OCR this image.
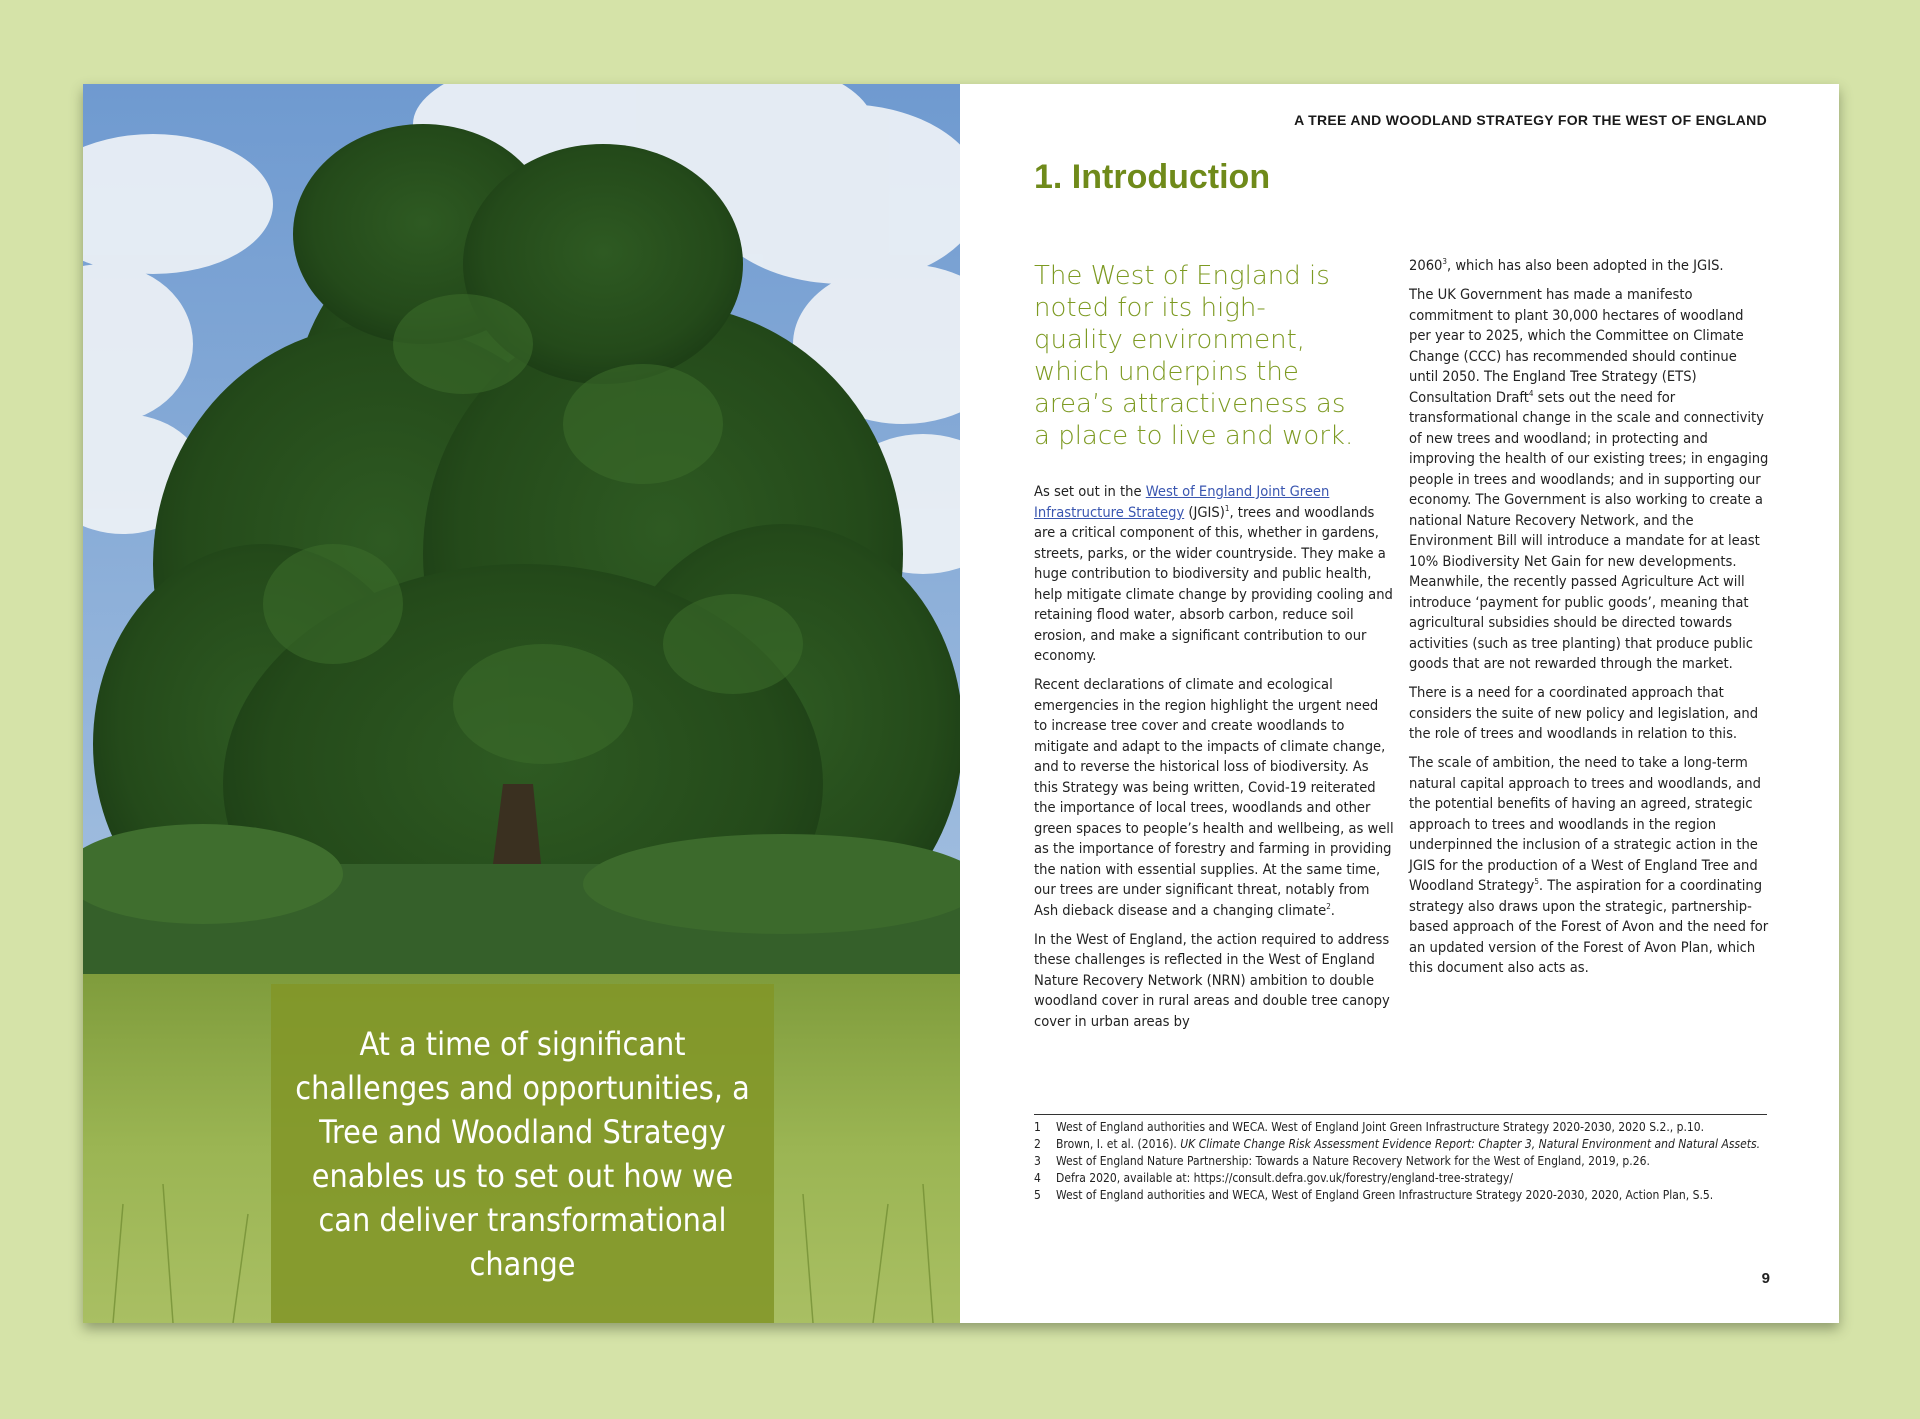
At a time of significant challenges and opportunities, a Tree and Woodland Strategy enables us to set out how we can deliver transformational change
A TREE AND WOODLAND STRATEGY FOR THE WEST OF ENGLAND
1. Introduction

The West of England is noted for its high-quality environment, which underpins the area’s attractiveness as a place to live and work.

As set out in the West of England Joint Green Infrastructure Strategy (JGIS)$^1$, trees and woodlands are a critical component of this, whether in gardens, streets, parks, or the wider countryside. They make a huge contribution to biodiversity and public health, help mitigate climate change by providing cooling and retaining flood water, absorb carbon, reduce soil erosion, and make a significant contribution to our economy.

Recent declarations of climate and ecological emergencies in the region highlight the urgent need to increase tree cover and create woodlands to mitigate and adapt to the impacts of climate change, and to reverse the historical loss of biodiversity. As this Strategy was being written, Covid-19 reiterated the importance of local trees, woodlands and other green spaces to people’s health and wellbeing, as well as the importance of forestry and farming in providing the nation with essential supplies. At the same time, our trees are under significant threat, notably from Ash dieback disease and a changing climate$^2$.

In the West of England, the action required to address these challenges is reflected in the West of England Nature Recovery Network (NRN) ambition to double woodland cover in rural areas and double tree canopy cover in urban areas by

2060$^3$, which has also been adopted in the JGIS.

The UK Government has made a manifesto commitment to plant 30,000 hectares of woodland per year to 2025, which the Committee on Climate Change (CCC) has recommended should continue until 2050. The England Tree Strategy (ETS) Consultation Draft$^4$ sets out the need for transformational change in the scale and connectivity of new trees and woodland; in protecting and improving the health of our existing trees; in engaging people in trees and woodlands; and in supporting our economy. The Government is also working to create a national Nature Recovery Network, and the Environment Bill will introduce a mandate for at least 10% Biodiversity Net Gain for new developments. Meanwhile, the recently passed Agriculture Act will introduce ‘payment for public goods’, meaning that agricultural subsidies should be directed towards activities (such as tree planting) that produce public goods that are not rewarded through the market.

There is a need for a coordinated approach that considers the suite of new policy and legislation, and the role of trees and woodlands in relation to this.

The scale of ambition, the need to take a long-term natural capital approach to trees and woodlands, and the potential benefits of having an agreed, strategic approach to trees and woodlands in the region underpinned the inclusion of a strategic action in the JGIS for the production of a West of England Tree and Woodland Strategy$^5$. The aspiration for a coordinating strategy also draws upon the strategic, partnership-based approach of the Forest of Avon and the need for an updated version of the Forest of Avon Plan, which this document also acts as.

1	West of England authorities and WECA. West of England Joint Green Infrastructure Strategy 2020-2030, 2020 S.2., p.10.
2	Brown, I. et al. (2016). UK Climate Change Risk Assessment Evidence Report: Chapter 3, Natural Environment and Natural Assets.
3	West of England Nature Partnership: Towards a Nature Recovery Network for the West of England, 2019, p.26.
4	Defra 2020, available at: https://consult.defra.gov.uk/forestry/england-tree-strategy/
5	West of England authorities and WECA, West of England Green Infrastructure Strategy 2020-2030, 2020, Action Plan, S.5.
9
